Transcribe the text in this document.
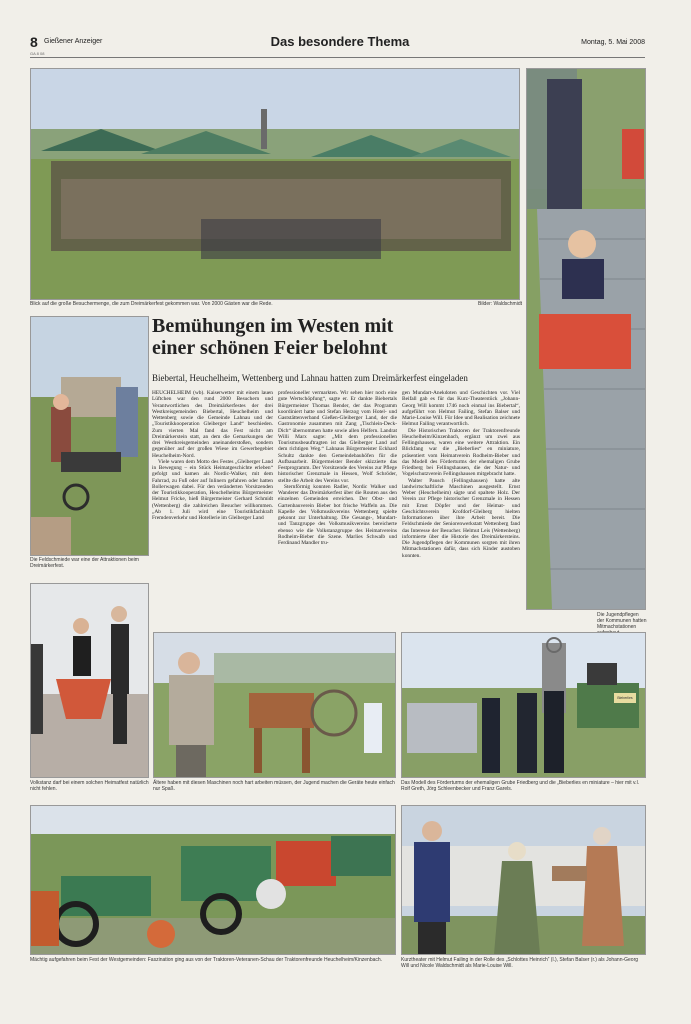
8 Gießener Anzeiger	Das besondere Thema	Montag, 5. Mai 2008
GA 8 08
Blick auf die große Besuchermenge, die zum Dreimärkerfest gekommen war. Von 2000 Gästen war die Rede.	Bilder: Waldschmidt
Die Jugendpflegen der Kommunen hatten Mitmachstationen
Die Feldschmiede war eine der Attraktionen beim Dreimärkerfest.
Bemühungen im Westen mit
einer schönen Feier belohnt
Biebertal, Heuchelheim, Wettenberg und Lahnau hatten zum Dreimärkerfest eingeladen

HEUCHELHEIM (wb). Kaiserwetter mit einem lauen Lüftchen war den rund 2000 Besuchern und Verantwortlichen des Dreimärkerfestes der drei Westkreisgemeinden Biebertal, Heuchelheim und Wettenberg sowie die Gemeinde Lahnau und der „Touristikkooperation Gleiberger Land“ beschieden. Zum vierten Mal fand das Fest nicht am Dreimärkerstein statt, an dem die Gemarkungen der drei Westkreisgemeinden aneinanderstoßen, sondern gegenüber auf der großen Wiese im Gewerbegebiet Heuchelheim-Nord.

Viele waren dem Motto des Festes „Gleiberger Land in Bewegung – ein Stück Heimatgeschichte erleben“ gefolgt und kamen als Nordic-Walker, mit dem Fahrrad, zu Fuß oder auf Inlinern gefahren oder hatten Bollerwagen dabei. Für den veränderten Vorsitzenden der Touristikkooperation, Heuchelheims Bürgermeister Helmut Fricke, hieß Bürgermeister Gerhard Schmidt (Wettenberg) die zahlreichen Besucher willkommen. „Ab 1. Juli wird eine Touristikfachkraft Fremdenverkehr und Hotellerie im Gleiberger Land

professioneller vermarkten. Wir sehen hier noch eine gute Wertschöpfung“, sagte er. Er dankte Biebertals Bürgermeister Thomas Bender, der das Programm koordiniert hatte und Stefan Herzog vom Hotel- und Gaststättenverband Gießen-Gleiberger Land, der die Gastronomie zusammen mit Zang „Tischlein-Deck-Dich“ übernommen hatte sowie allen Helfern. Landrat Willi Marx sagte: „Mit dem professionellen Tourismusbeauftragten ist das Gleiberger Land auf dem richtigen Weg.“ Lahnaus Bürgermeister Eckhard Schultz dankte den Gemeindebauhöfen für die Aufbauarbeit. Bürgermeister Bender skizzierte das Festprogramm. Der Vorsitzende des Vereins zur Pflege historischer Grenzmale in Hessen, Wolf Schröder, stellte die Arbeit des Vereins vor.

Sternförmig konnten Radler, Nordic Walker und Wanderer das Dreimärkerfest über die Routen aus den einzelnen Gemeinden erreichen. Der Obst- und Gartenbauverein Bieber bot frische Waffeln an. Die Kapelle des Volkmusikvereins Wettenberg spielte gekonnt zur Unterhaltung. Die Gesangs-, Mundart- und Tanzgruppe des Volksmusikvereins bereicherte ebenso wie die Volkstanzgruppe des Heimatvereins Rodheim-Bieber die Szene. Marlies Schwalb und Ferdinand Mandler tru-

gen Mundart-Anekdoten und Geschichten vor. Viel Beifall gab es für das Kurz-Theaterstück „Johann-Georg Will kommt 1746 noch einmal ins Biebertal“, aufgeführt von Helmut Failing, Stefan Balser und Marie-Louise Will. Für Idee und Realisation zeichnete Helmut Failing verantwortlich.

Die Historischen Traktoren der Traktorenfreunde Heuchelheim/Kinzenbach, ergänzt um zwei aus Fellingshausen, waren eine weitere Attraktion. Ein Blickfang war die „Bieberlies“ en miniature, präsentiert vom Heimatverein Rodheim-Bieber und das Modell des Förderturms der ehemaligen Grube Friedberg bei Fellingshausen, die der Natur- und Vogelschutzverein Fellingshausen mitgebracht hatte.

Walter Pausch (Fellingshausen) hatte alte landwirtschaftliche Maschinen ausgestellt. Ernst Weber (Heuchelheim) sägte und spaltete Holz. Der Verein zur Pflege historischer Grenzmale in Hessen mit Ernst Döpfer und der Heimat- und Geschichtsverein Krofdorf-Gleiberg hielten Informationen über ihre Arbeit bereit. Die Feldschmiede der Seniorenwerkstatt Wettenberg fand das Interesse der Besucher. Helmut Leis (Wettenberg) informierte über die Historie des Dreimärkersteins. Die Jugendpflegen der Kommunen sorgten mit ihren Mitmachstationen dafür, dass sich Kinder austoben konnten.

Volkstanz darf bei einem solchen Heimatfest natürlich nicht fehlen.
Ältere haben mit diesen Maschinen noch hart arbeiten müssen, der Jugend machen die Geräte heute einfach nur Spaß.
Bieberlies
Das Modell des Förderturms der ehemaligen Grube Friedberg und die „Bieberlies en miniature – hier mit v.l. Rolf Greth, Jörg Schleenbecker und Franz Garels.
Mächtig aufgefahren beim Fest der Westgemeinden: Faszination ging aus von der Traktoren-Veteranen-Schau der Traktorenfreunde Heuchelheim/Kinzenbach.	Kurztheater mit Helmut Failing in der Rolle des „Schlottes Heinrich“ (l.), Stefan Balser (r.) als Johann-Georg Will und Nicole Waldschmidt als Marie-Louise Will.
